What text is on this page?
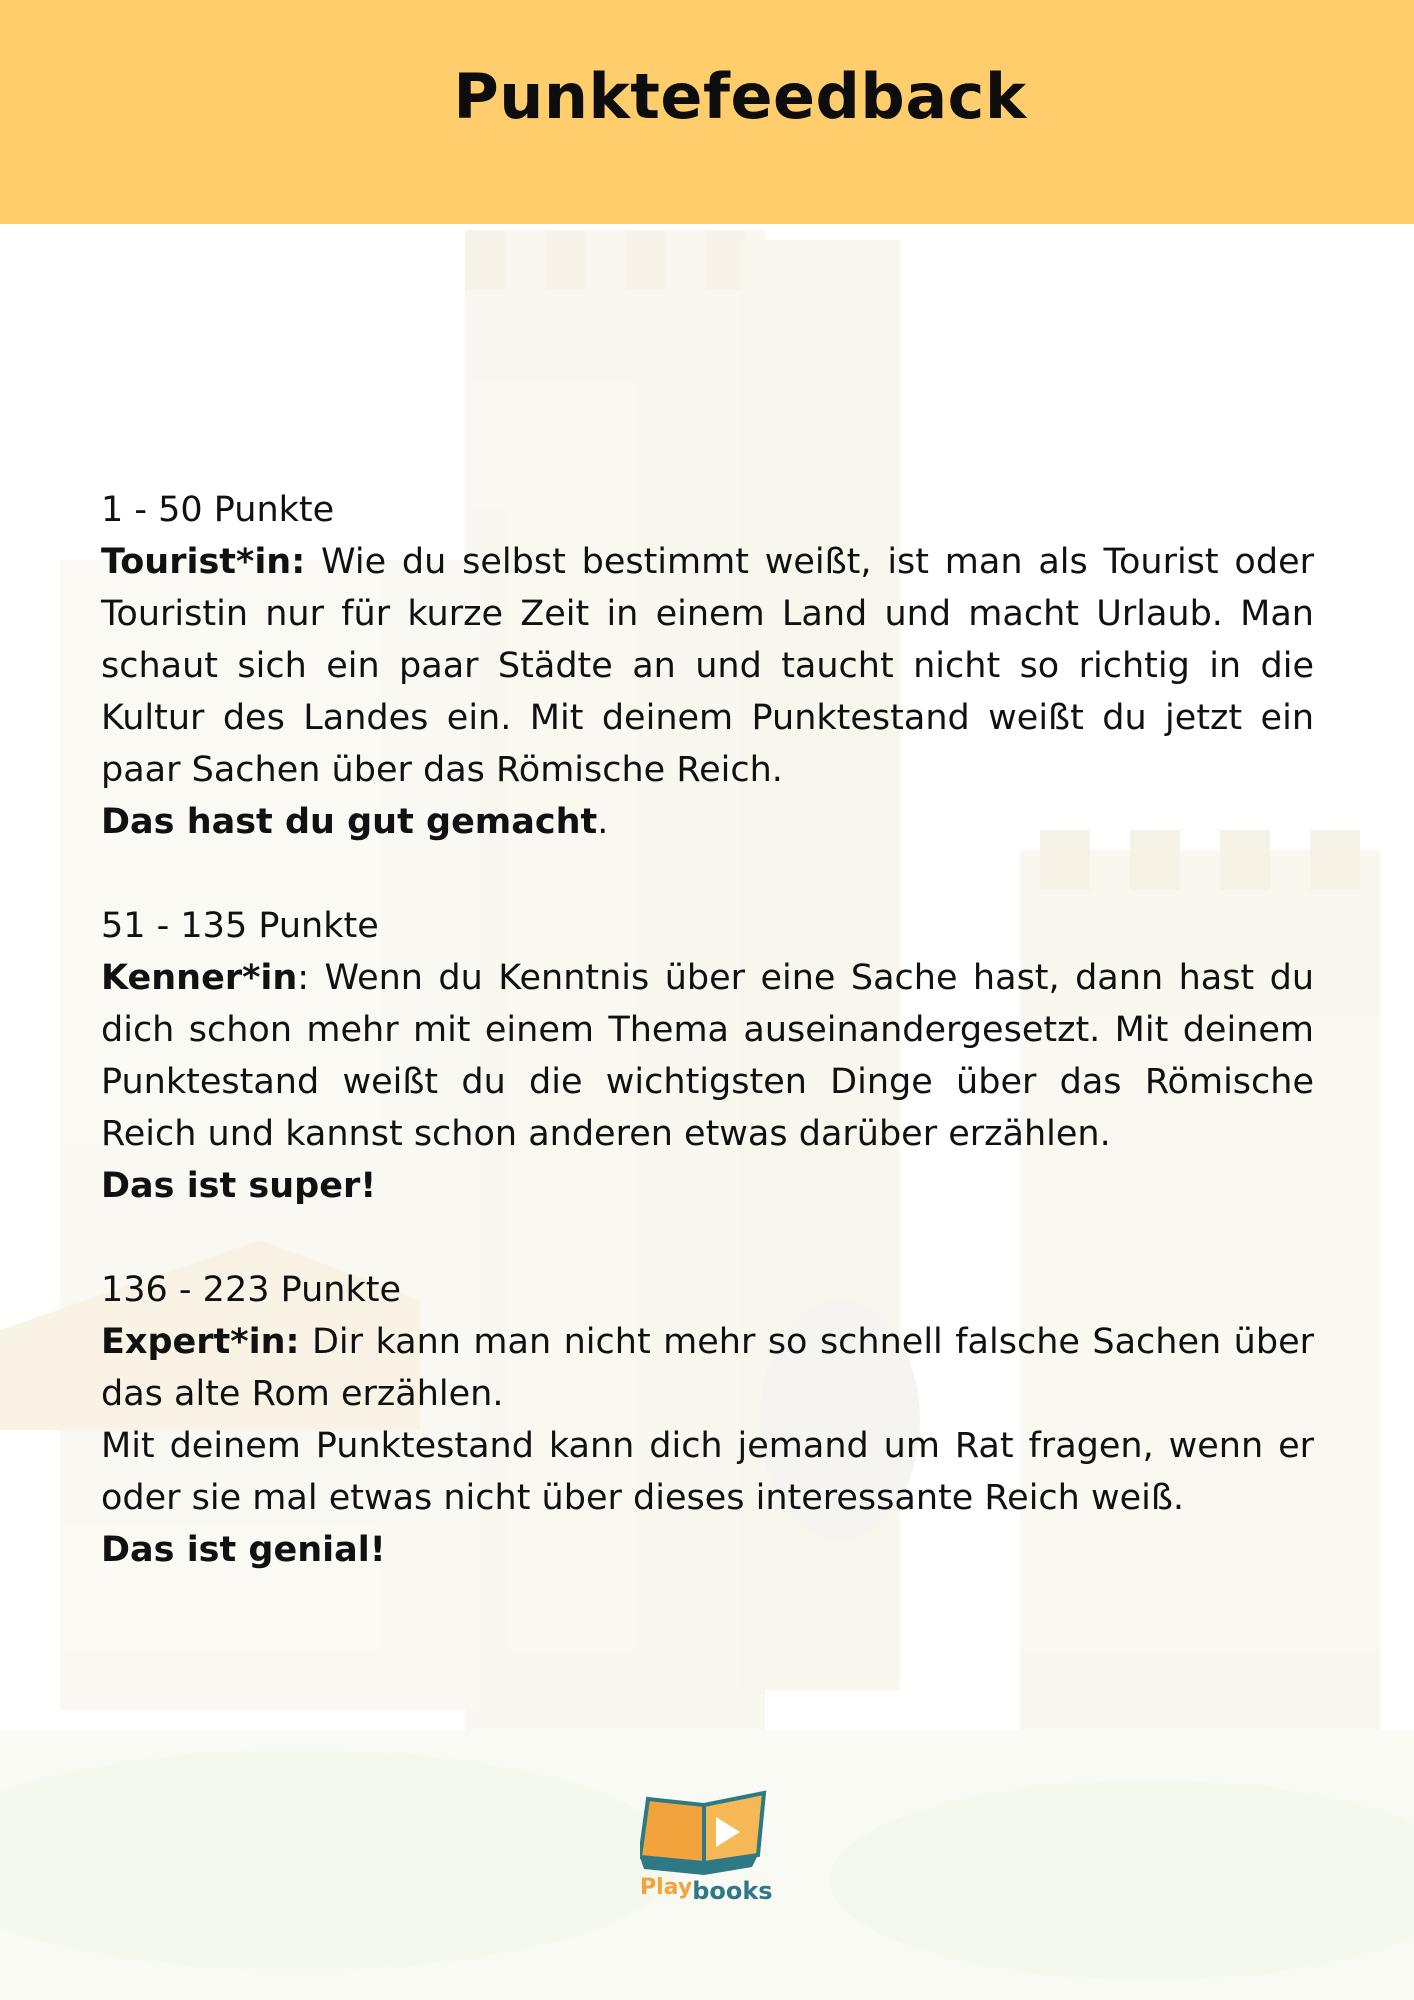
Punktefeedback

1 - 50 Punkte

Tourist*in: Wie du selbst bestimmt weißt, ist man als Tourist oder Touristin nur für kurze Zeit in einem Land und macht Urlaub. Man schaut sich ein paar Städte an und taucht nicht so richtig in die Kultur des Landes ein. Mit deinem Punktestand weißt du jetzt ein paar Sachen über das Römische Reich.

Das hast du gut gemacht.

51 - 135 Punkte

Kenner*in: Wenn du Kenntnis über eine Sache hast, dann hast du dich schon mehr mit einem Thema auseinandergesetzt. Mit deinem Punktestand weißt du die wichtigsten Dinge über das Römische Reich und kannst schon anderen etwas darüber erzählen.

Das ist super!

136 - 223 Punkte

Expert*in: Dir kann man nicht mehr so schnell falsche Sachen über das alte Rom erzählen.

Mit deinem Punktestand kann dich jemand um Rat fragen, wenn er oder sie mal etwas nicht über dieses interessante Reich weiß.

Das ist genial!

Playbooks
